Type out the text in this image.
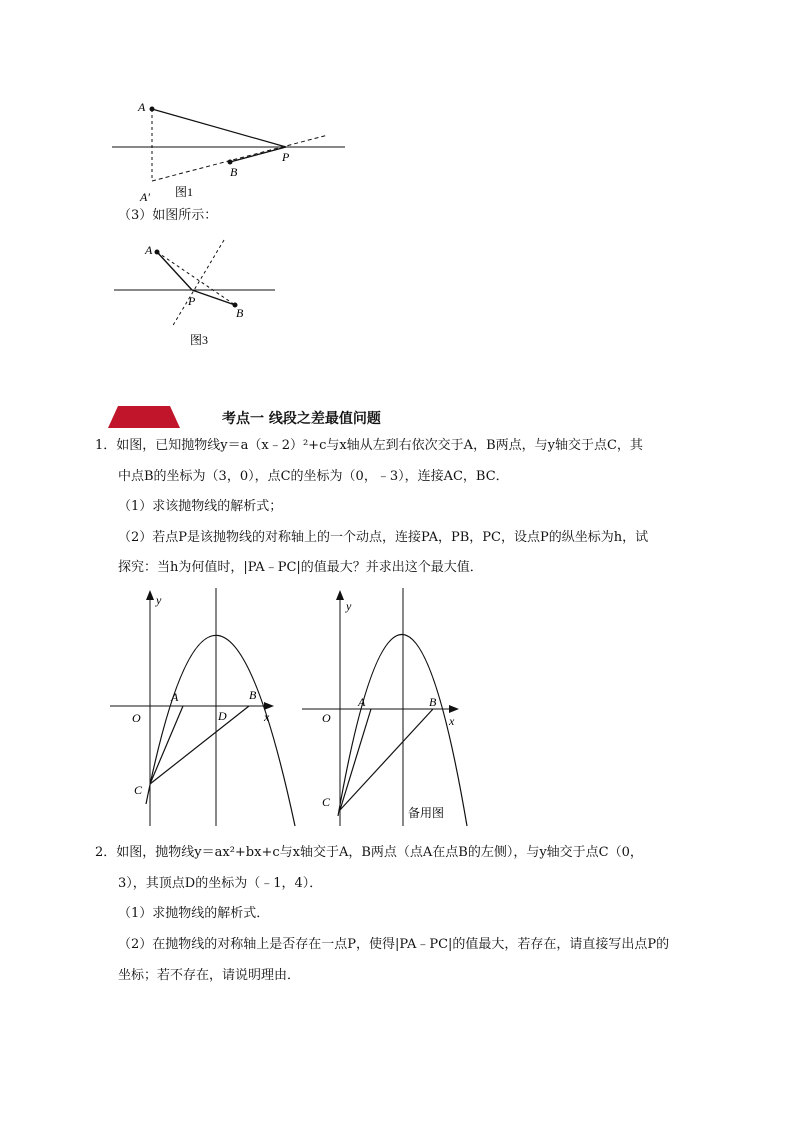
A
P
B
A′ 图1
（3）如图所示：
A
P
B
图3
考点一 线段之差最值问题
1．如图，已知抛物线y＝a（x﹣2）²+c与x轴从左到右依次交于A，B两点，与y轴交于点C，其
中点B的坐标为（3，0），点C的坐标为（0，﹣3），连接AC，BC．
（1）求该抛物线的解析式；
（2）若点P是该抛物线的对称轴上的一个动点，连接PA，PB，PC，设点P的纵坐标为h，试
探究：当h为何值时，|PA﹣PC|的值最大？并求出这个最大值．
y
x
O
A	B
D
C
y
x
O
A	B
C
备用图
2．如图，抛物线y＝ax²+bx+c与x轴交于A，B两点（点A在点B的左侧），与y轴交于点C（0，
3），其顶点D的坐标为（﹣1，4）．
（1）求抛物线的解析式．
（2）在抛物线的对称轴上是否存在一点P，使得|PA﹣PC|的值最大，若存在，请直接写出点P的
坐标；若不存在，请说明理由．
